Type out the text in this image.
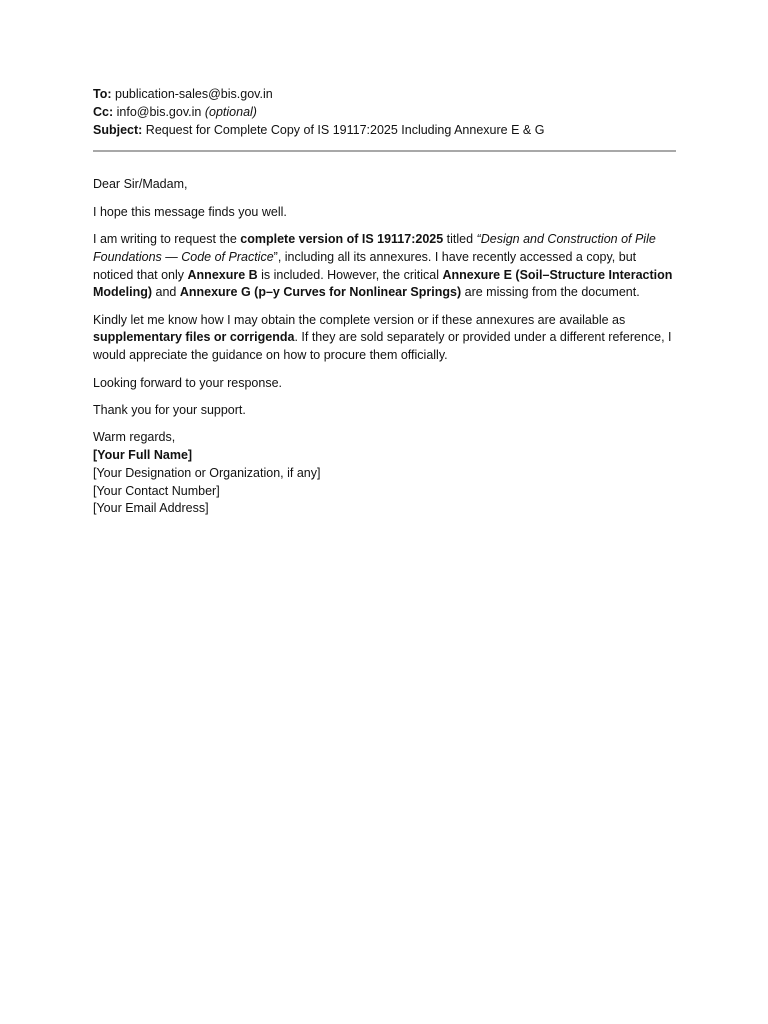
To: publication-sales@bis.gov.in
Cc: info@bis.gov.in (optional)
Subject: Request for Complete Copy of IS 19117:2025 Including Annexure E & G

Dear Sir/Madam,

I hope this message finds you well.

I am writing to request the complete version of IS 19117:2025 titled “Design and Construction of Pile Foundations — Code of Practice”, including all its annexures. I have recently accessed a copy, but noticed that only Annexure B is included. However, the critical Annexure E (Soil–Structure Interaction Modeling) and Annexure G (p–y Curves for Nonlinear Springs) are missing from the document.

Kindly let me know how I may obtain the complete version or if these annexures are available as supplementary files or corrigenda. If they are sold separately or provided under a different reference, I would appreciate the guidance on how to procure them officially.

Looking forward to your response.

Thank you for your support.

Warm regards,
[Your Full Name]
[Your Designation or Organization, if any]
[Your Contact Number]
[Your Email Address]
